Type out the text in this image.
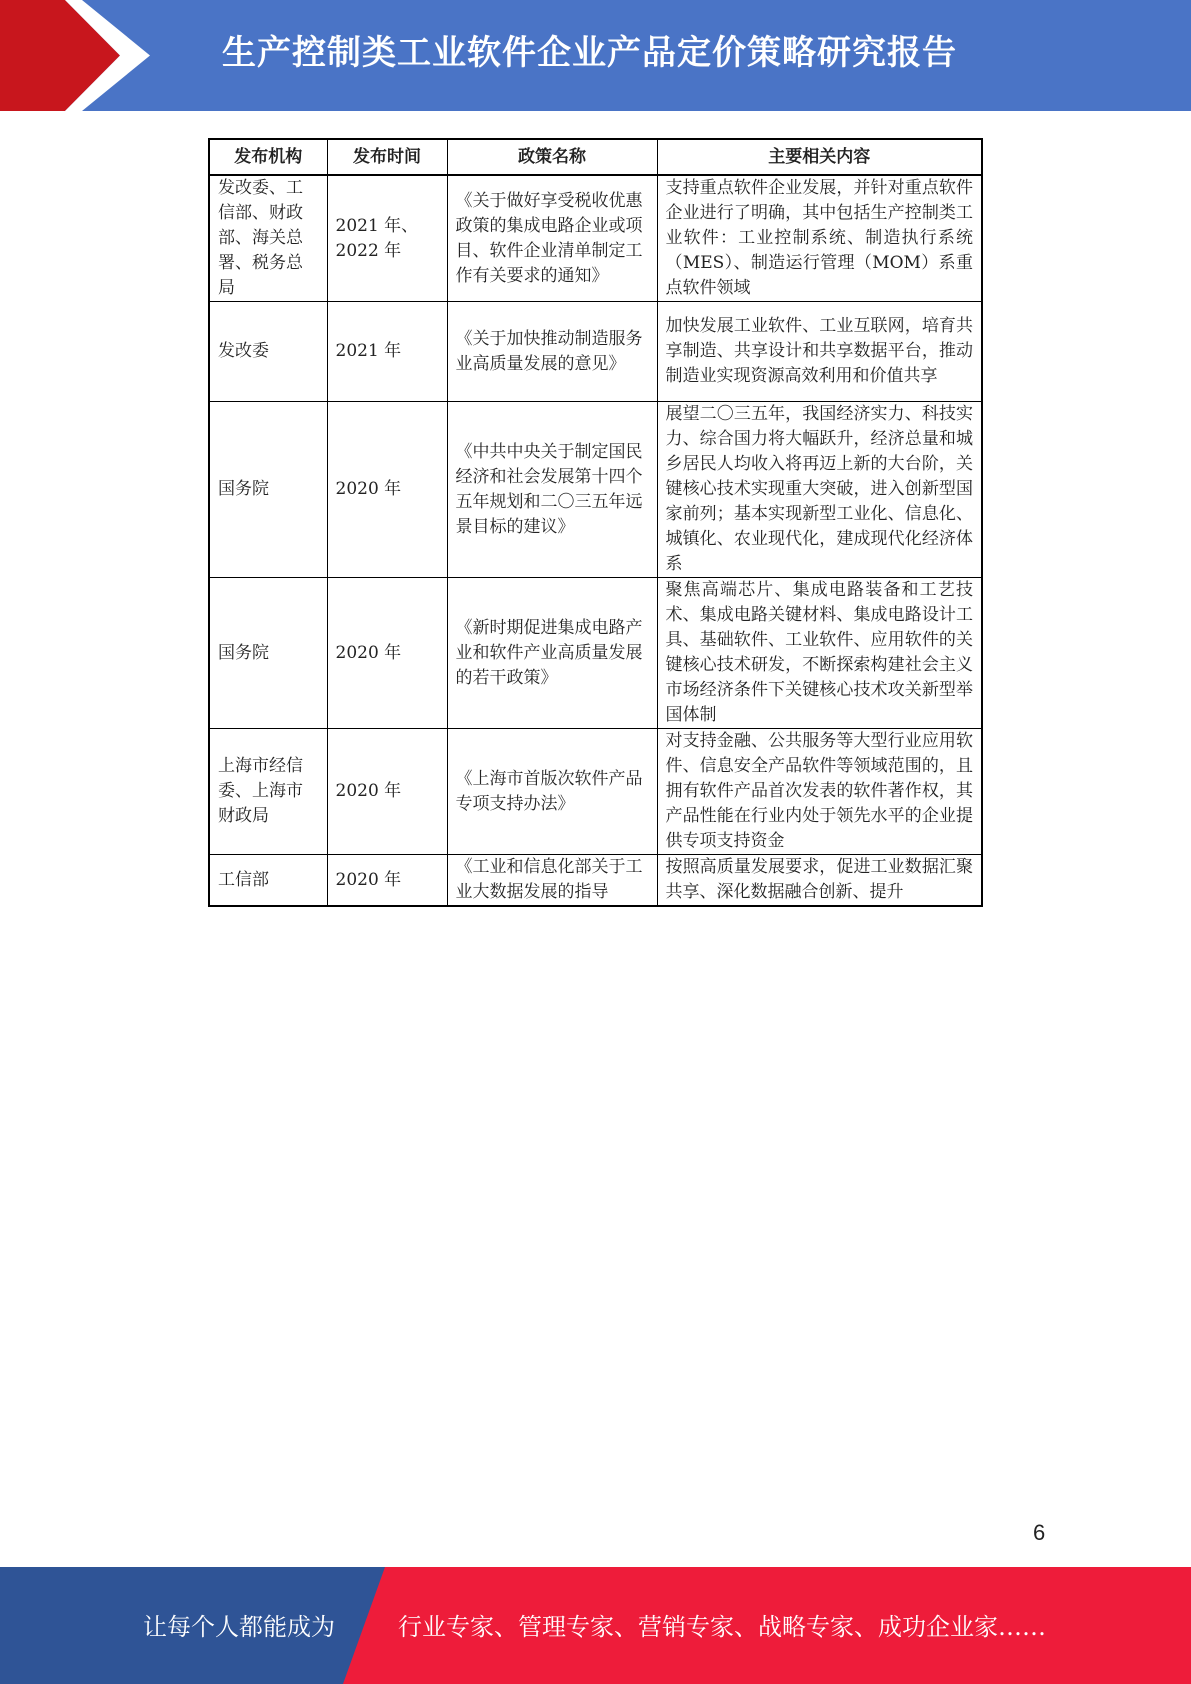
生产控制类工业软件企业产品定价策略研究报告
发布机构	发布时间	政策名称	主要相关内容
发改委、工信部、财政部、海关总署、税务总局	2021 年、2022 年	《关于做好享受税收优惠政策的集成电路企业或项目、软件企业清单制定工作有关要求的通知》	支持重点软件企业发展，并针对重点软件企业进行了明确，其中包括生产控制类工业软件：工业控制系统、制造执行系统 （MES）、制造运行管理（MOM）系重点软件领域
发改委	2021 年	《关于加快推动制造服务业高质量发展的意见》	加快发展工业软件、工业互联网，培育共享制造、共享设计和共享数据平台，推动制造业实现资源高效利用和价值共享
国务院	2020 年	《中共中央关于制定国民经济和社会发展第十四个五年规划和二〇三五年远景目标的建议》	展望二〇三五年，我国经济实力、科技实力、综合国力将大幅跃升，经济总量和城乡居民人均收入将再迈上新的大台阶，关键核心技术实现重大突破，进入创新型国家前列；基本实现新型工业化、信息化、城镇化、农业现代化，建成现代化经济体系
国务院	2020 年	《新时期促进集成电路产业和软件产业高质量发展的若干政策》	聚焦高端芯片、集成电路装备和工艺技术、集成电路关键材料、集成电路设计工具、基础软件、工业软件、应用软件的关键核心技术研发，不断探索构建社会主义市场经济条件下关键核心技术攻关新型举国体制
上海市经信委、上海市财政局	2020 年	《上海市首版次软件产品专项支持办法》	对支持金融、公共服务等大型行业应用软件、信息安全产品软件等领域范围的，且拥有软件产品首次发表的软件著作权，其产品性能在行业内处于领先水平的企业提供专项支持资金
工信部	2020 年	《工业和信息化部关于工业大数据发展的指导	按照高质量发展要求，促进工业数据汇聚共享、深化数据融合创新、提升
6
让每个人都能成为	行业专家、管理专家、营销专家、战略专家、成功企业家……
